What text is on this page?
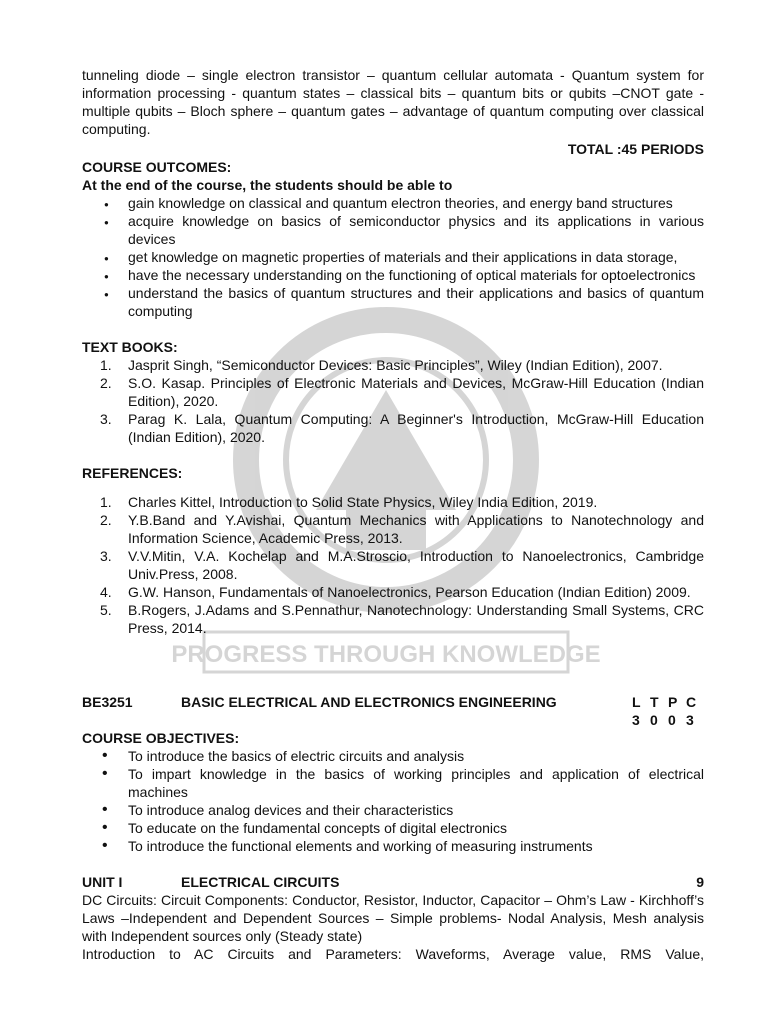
PROGRESS THROUGH KNOWLEDGE
tunneling diode – single electron transistor – quantum cellular automata - Quantum system for information processing - quantum states – classical bits – quantum bits or qubits –CNOT gate - multiple qubits – Bloch sphere – quantum gates – advantage of quantum computing over classical computing.
TOTAL :45 PERIODS
COURSE OUTCOMES:
At the end of the course, the students should be able to
● gain knowledge on classical and quantum electron theories, and energy band structures
● acquire knowledge on basics of semiconductor physics and its applications in various devices
● get knowledge on magnetic properties of materials and their applications in data storage,
● have the necessary understanding on the functioning of optical materials for optoelectronics
● understand the basics of quantum structures and their applications and basics of quantum computing
TEXT BOOKS:
1. Jasprit Singh, “Semiconductor Devices: Basic Principles”, Wiley (Indian Edition), 2007.
2. S.O. Kasap. Principles of Electronic Materials and Devices, McGraw-Hill Education (Indian Edition), 2020.
3. Parag K. Lala, Quantum Computing: A Beginner's Introduction, McGraw-Hill Education (Indian Edition), 2020.
REFERENCES:
1. Charles Kittel, Introduction to Solid State Physics, Wiley India Edition, 2019.
2. Y.B.Band and Y.Avishai, Quantum Mechanics with Applications to Nanotechnology and Information Science, Academic Press, 2013.
3. V.V.Mitin, V.A. Kochelap and M.A.Stroscio, Introduction to Nanoelectronics, Cambridge Univ.Press, 2008.
4. G.W. Hanson, Fundamentals of Nanoelectronics, Pearson Education (Indian Edition) 2009.
5. B.Rogers, J.Adams and S.Pennathur, Nanotechnology: Understanding Small Systems, CRC Press, 2014.
BE3251	BASIC ELECTRICAL AND ELECTRONICS ENGINEERING	L T P C
3 0 0 3
COURSE OBJECTIVES:
• To introduce the basics of electric circuits and analysis
• To impart knowledge in the basics of working principles and application of electrical machines
• To introduce analog devices and their characteristics
• To educate on the fundamental concepts of digital electronics
• To introduce the functional elements and working of measuring instruments
UNIT I	ELECTRICAL CIRCUITS	9
DC Circuits: Circuit Components: Conductor, Resistor, Inductor, Capacitor – Ohm’s Law - Kirchhoff’s Laws –Independent and Dependent Sources – Simple problems- Nodal Analysis, Mesh analysis with Independent sources only (Steady state)
Introduction to AC Circuits and Parameters: Waveforms, Average value, RMS Value,
